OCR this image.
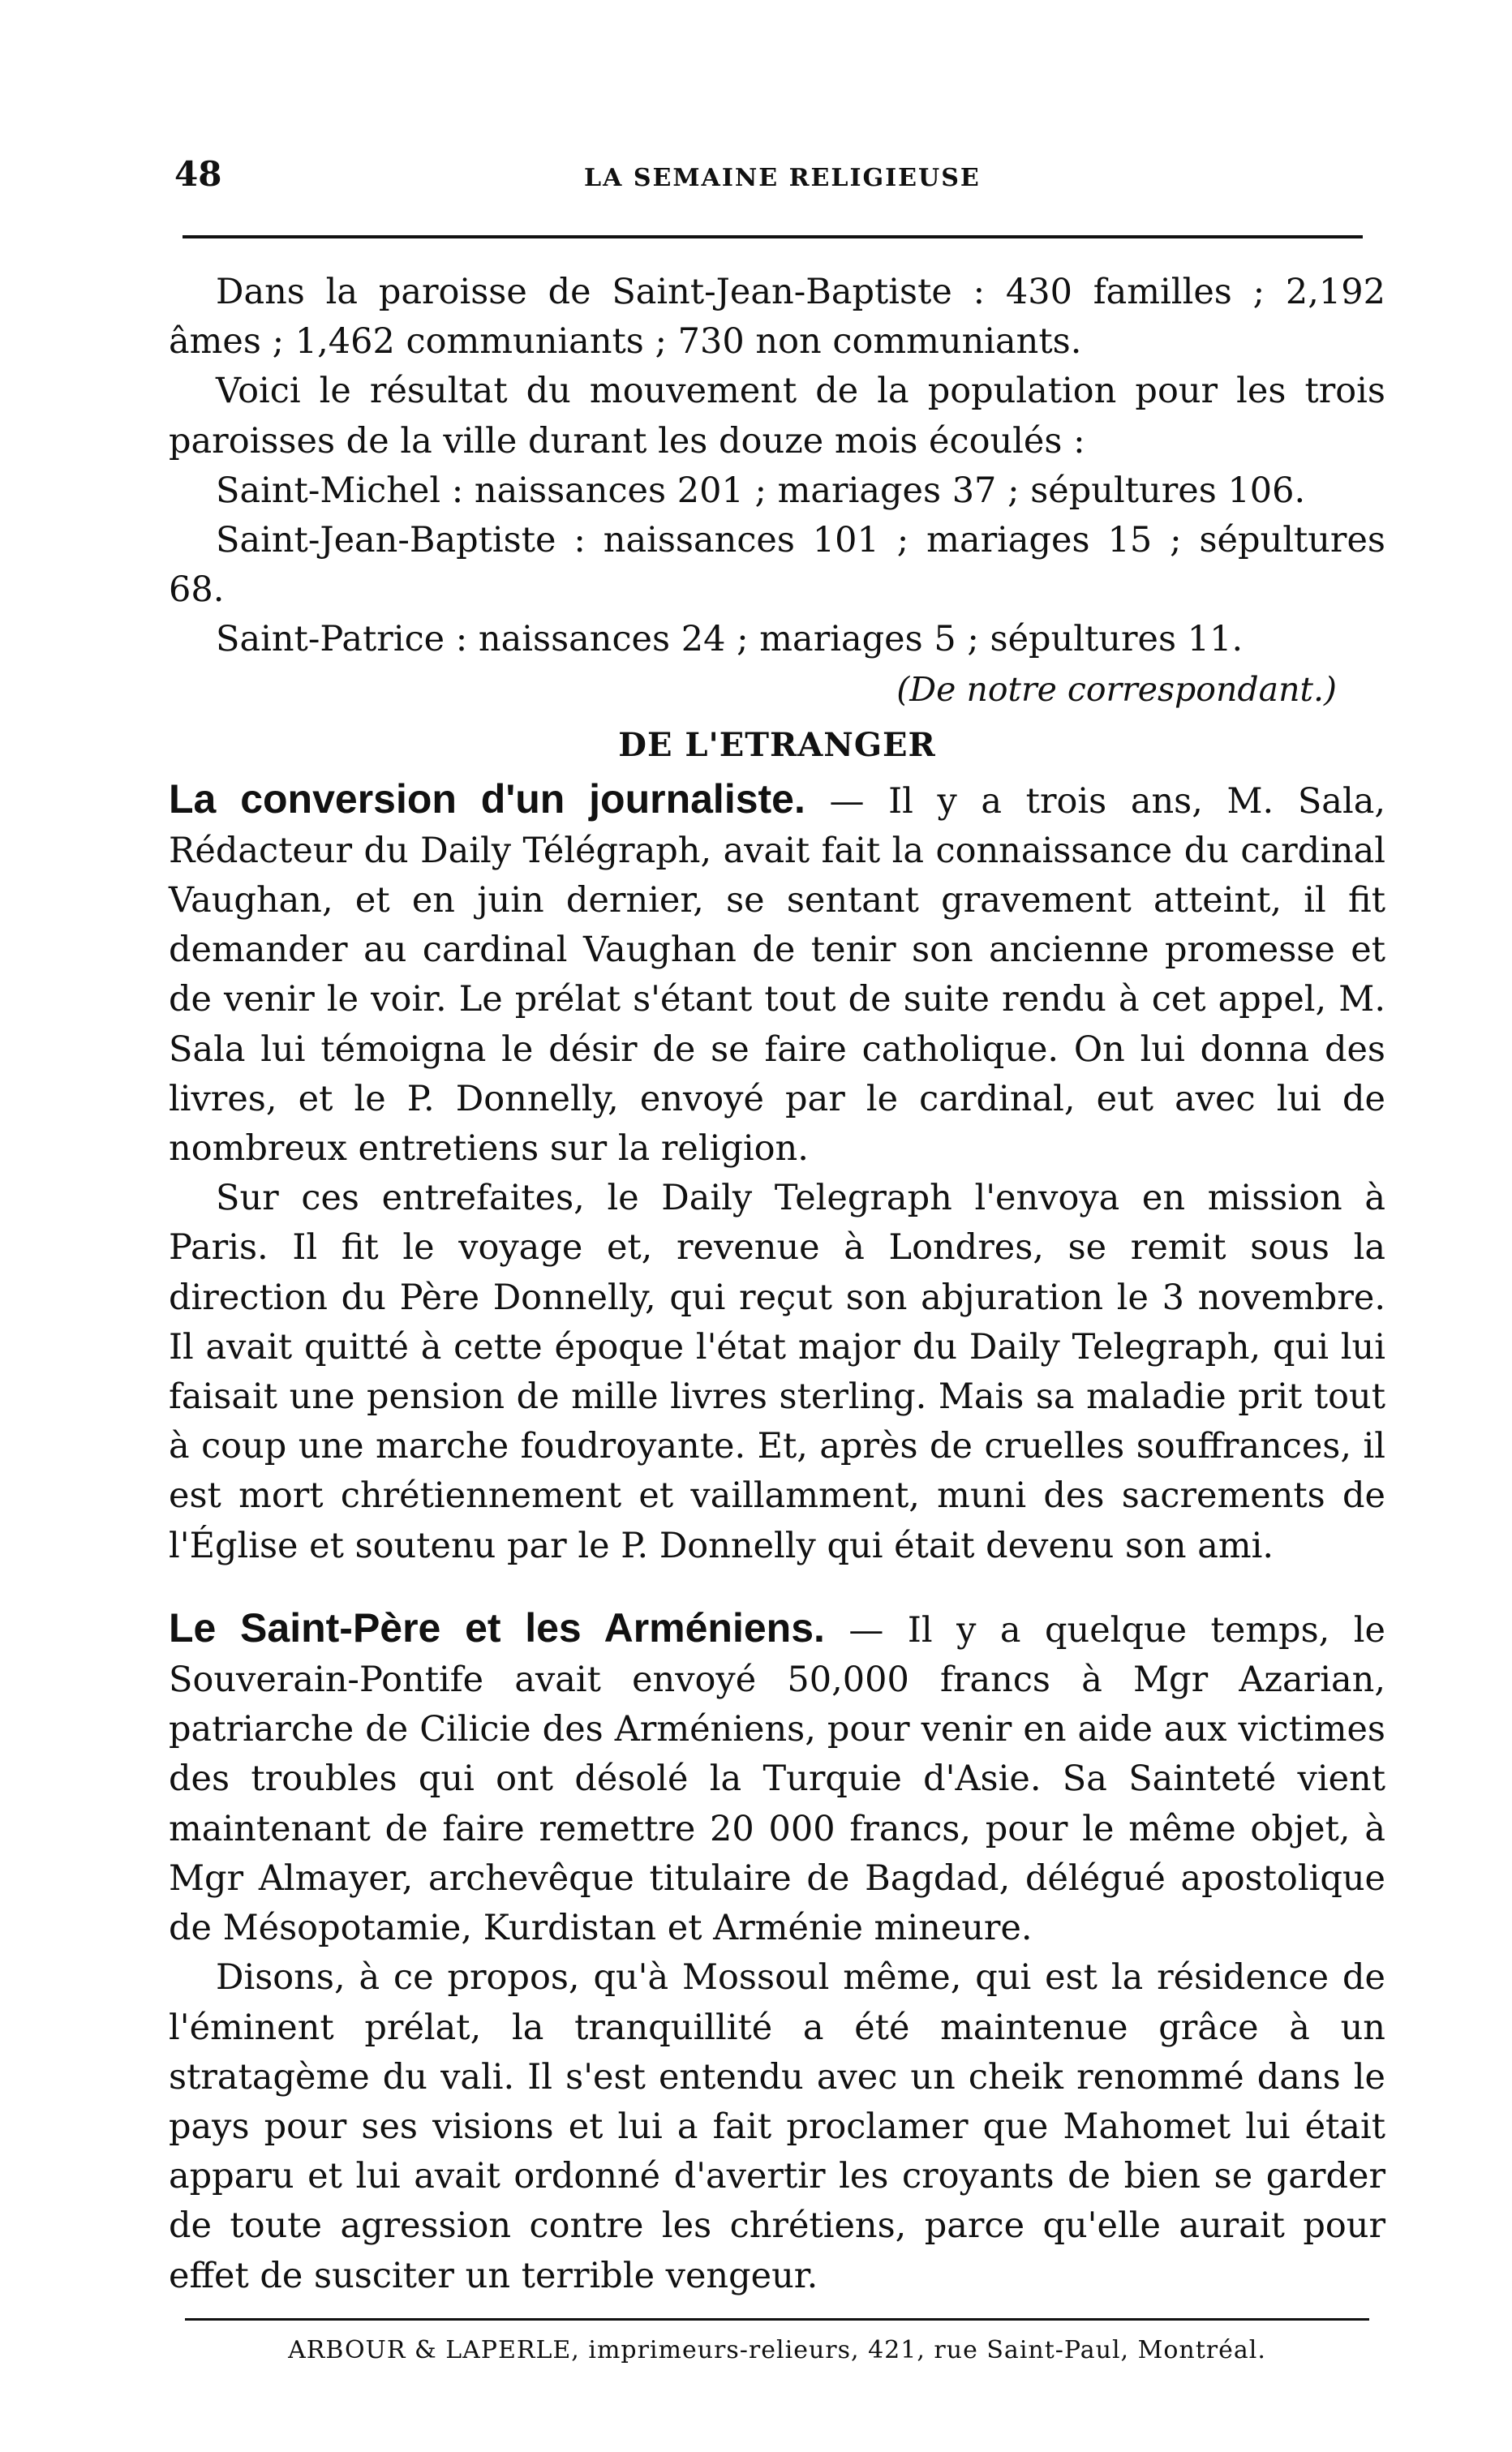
48	LA SEMAINE RELIGIEUSE

Dans la paroisse de Saint-Jean-Baptiste : 430 familles ; 2,192 âmes ; 1,462 communiants ; 730 non communiants.

Voici le résultat du mouvement de la population pour les trois paroisses de la ville durant les douze mois écoulés :

Saint-Michel : naissances 201 ; mariages 37 ; sépultures 106.

Saint-Jean-Baptiste : naissances 101 ; mariages 15 ; sépultures 68.

Saint-Patrice : naissances 24 ; mariages 5 ; sépultures 11.

(De notre correspondant.)

DE L'ETRANGER

La conversion d'un journaliste. — Il y a trois ans, M. Sala, Rédacteur du Daily Télégraph, avait fait la connaissance du cardinal Vaughan, et en juin dernier, se sentant gravement atteint, il fit demander au cardinal Vaughan de tenir son ancienne promesse et de venir le voir. Le prélat s'étant tout de suite rendu à cet appel, M. Sala lui témoigna le désir de se faire catholique. On lui donna des livres, et le P. Donnelly, envoyé par le cardinal, eut avec lui de nombreux entretiens sur la religion.

Sur ces entrefaites, le Daily Telegraph l'envoya en mission à Paris. Il fit le voyage et, revenue à Londres, se remit sous la direction du Père Donnelly, qui reçut son abjuration le 3 novembre. Il avait quitté à cette époque l'état major du Daily Telegraph, qui lui faisait une pension de mille livres sterling. Mais sa maladie prit tout à coup une marche foudroyante. Et, après de cruelles souffrances, il est mort chrétiennement et vaillamment, muni des sacrements de l'Église et soutenu par le P. Donnelly qui était devenu son ami.

Le Saint-Père et les Arméniens. — Il y a quelque temps, le Souverain-Pontife avait envoyé 50,000 francs à Mgr Azarian, patriarche de Cilicie des Arméniens, pour venir en aide aux victimes des troubles qui ont désolé la Turquie d'Asie. Sa Sainteté vient maintenant de faire remettre 20 000 francs, pour le même objet, à Mgr Almayer, archevêque titulaire de Bagdad, délégué apostolique de Mésopotamie, Kurdistan et Arménie mineure.

Disons, à ce propos, qu'à Mossoul même, qui est la résidence de l'éminent prélat, la tranquillité a été maintenue grâce à un stratagème du vali. Il s'est entendu avec un cheik renommé dans le pays pour ses visions et lui a fait proclamer que Mahomet lui était apparu et lui avait ordonné d'avertir les croyants de bien se garder de toute agression contre les chrétiens, parce qu'elle aurait pour effet de susciter un terrible vengeur.

ARBOUR & LAPERLE, imprimeurs-relieurs, 421, rue Saint-Paul, Montréal.
